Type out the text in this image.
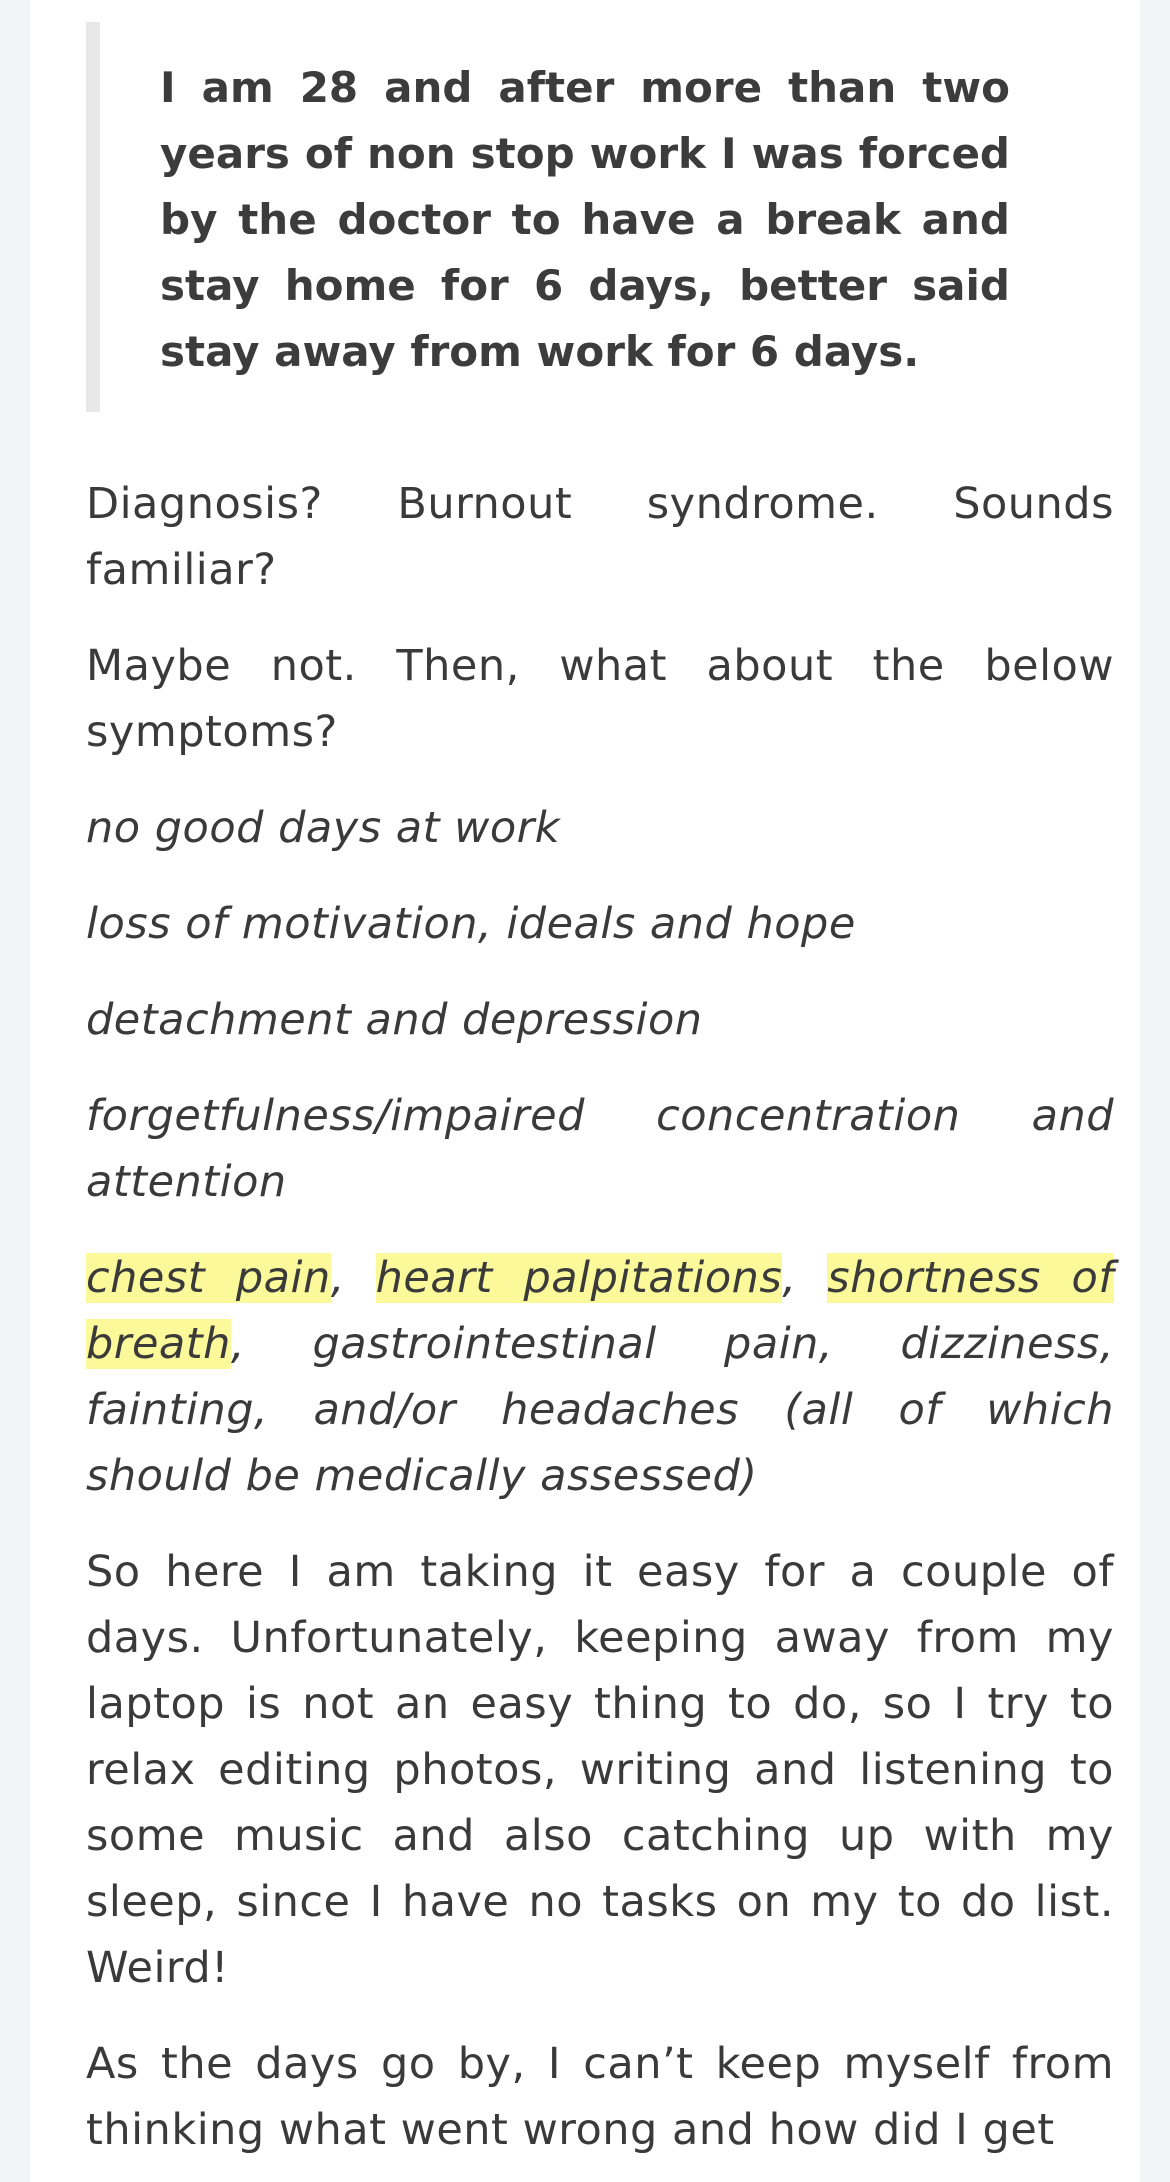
I am 28 and after more than two years of non stop work I was forced by the doctor to have a break and stay home for 6 days, better said stay away from work for 6 days.

Diagnosis? Burnout syndrome. Sounds familiar?

Maybe not. Then, what about the below symptoms?

no good days at work

loss of motivation, ideals and hope

detachment and depression

forgetfulness/impaired concentration and attention

chest pain, heart palpitations, shortness of breath, gastrointestinal pain, dizziness, fainting, and/or headaches (all of which should be medically assessed)

So here I am taking it easy for a couple of days. Unfortunately, keeping away from my laptop is not an easy thing to do, so I try to relax editing photos, writing and listening to some music and also catching up with my sleep, since I have no tasks on my to do list. Weird!

As the days go by, I can’t keep myself from thinking what went wrong and how did I get
